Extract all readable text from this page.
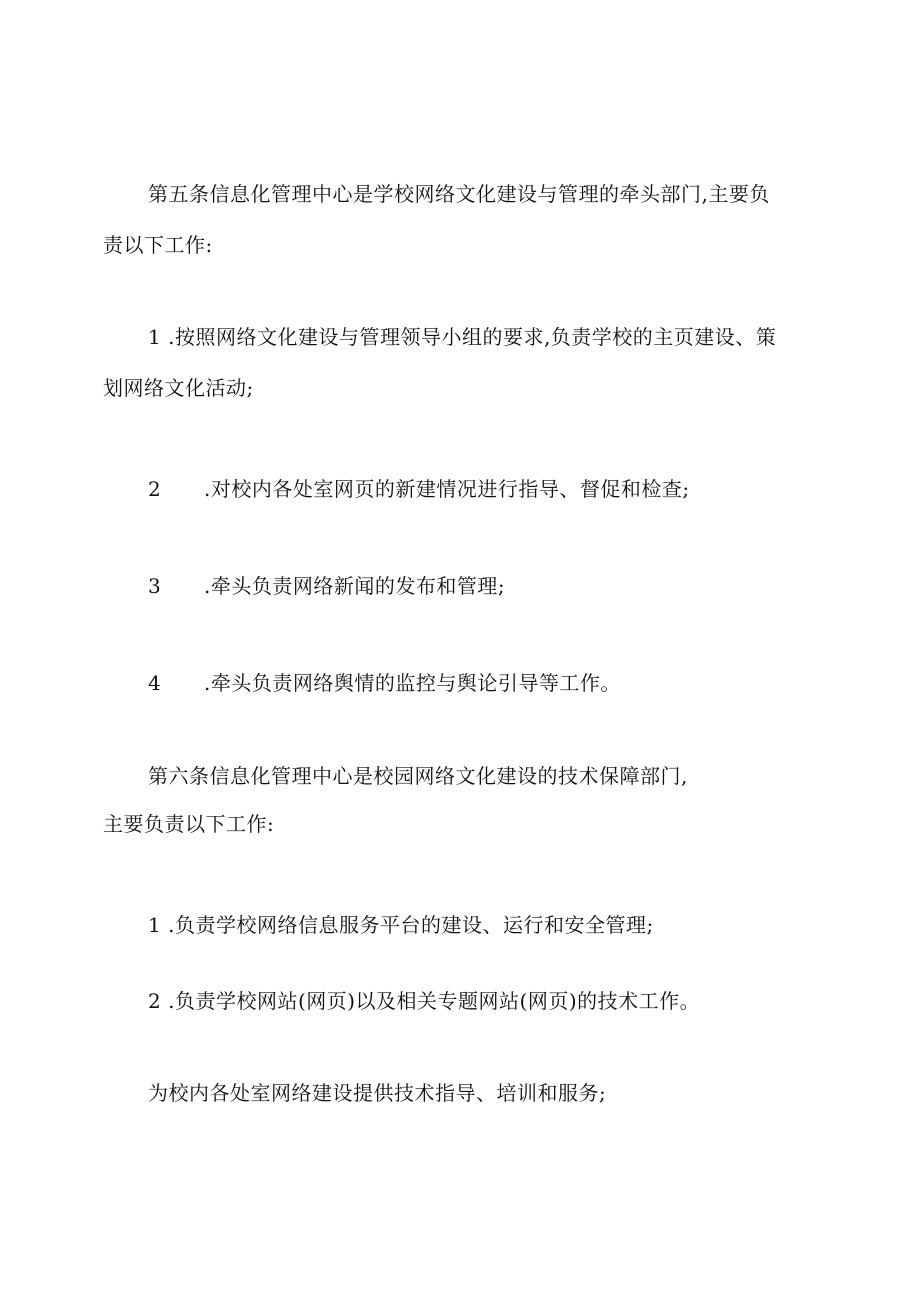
第五条信息化管理中心是学校网络文化建设与管理的牵头部门,主要负
责以下工作:
1 .按照网络文化建设与管理领导小组的要求,负责学校的主页建设、策
划网络文化活动;
2 .对校内各处室网页的新建情况进行指导、督促和检查;
3 .牵头负责网络新闻的发布和管理;
4 .牵头负责网络舆情的监控与舆论引导等工作。
第六条信息化管理中心是校园网络文化建设的技术保障部门,
主要负责以下工作:
1 .负责学校网络信息服务平台的建设、运行和安全管理;
2 .负责学校网站(网页)以及相关专题网站(网页)的技术工作。
为校内各处室网络建设提供技术指导、培训和服务;
